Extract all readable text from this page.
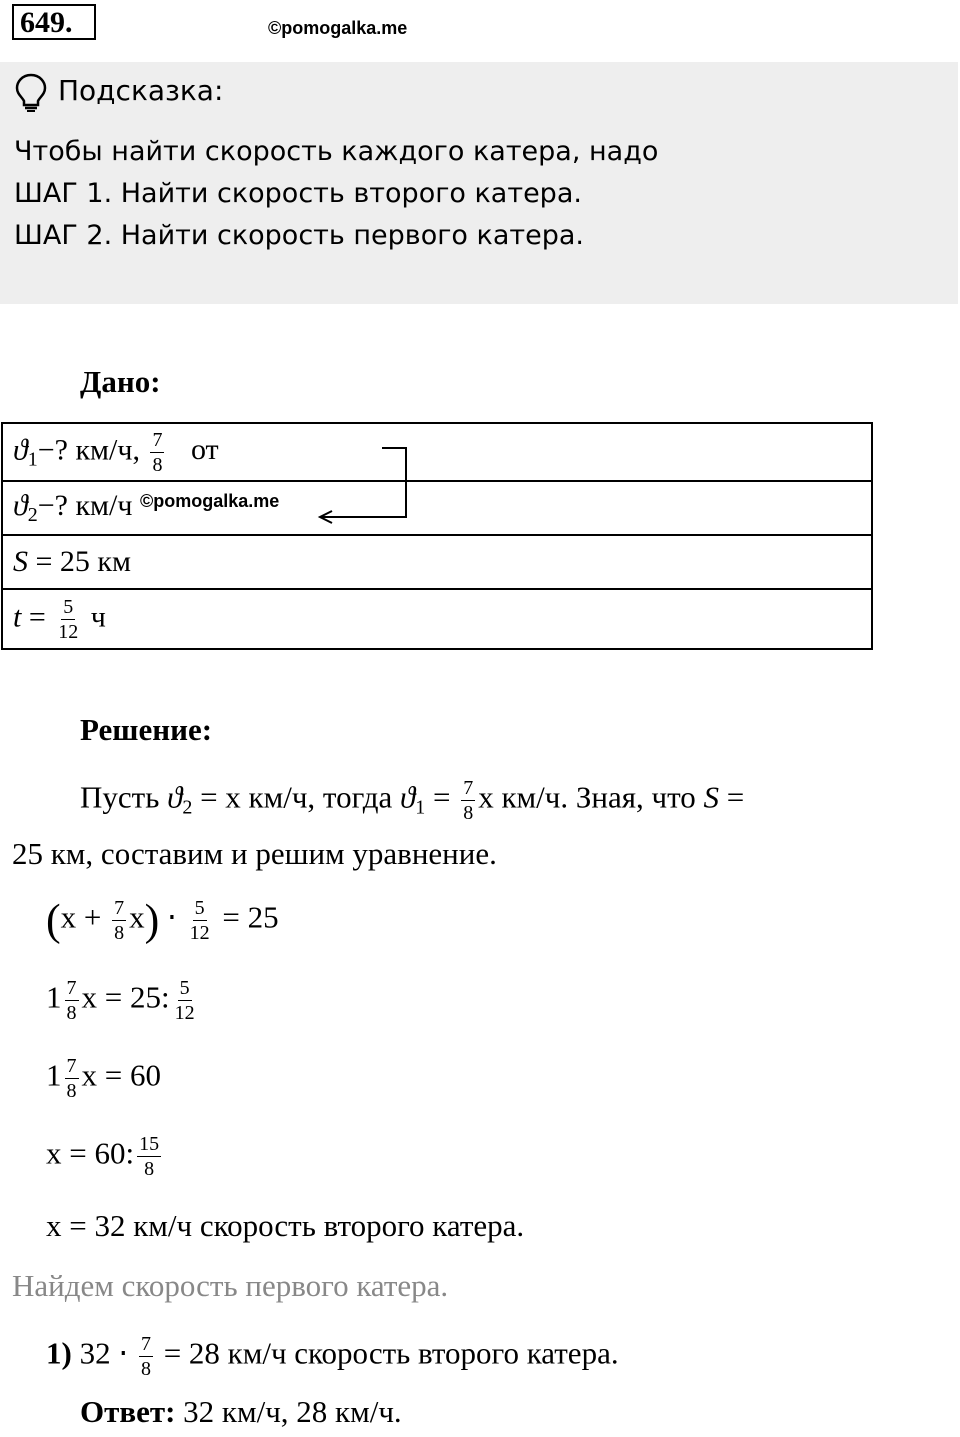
649.	©pomogalka.me
Подсказка:
Чтобы найти скорость каждого катера, надо
ШАГ 1. Найти скорость второго катера.
ШАГ 2. Найти скорость первого катера.
Дано:
$ϑ_1-$? км/ч, $\frac{7}{8}$ от
$ϑ_2-$? км/ч $^{©pomogalka.me}$
S = 25 км
$t = \frac{5}{12}$ ч
Решение:
Пусть $ϑ_2 = x$ км/ч, тогда $ϑ_1 = \frac{7}{8}$ x км/ч. Зная, что S =
25 км, составим и решим уравнение.
$(x + \frac{7}{8} x) \cdot \frac{5}{12} = 25$
$1 \frac{7}{8}$ x = 25: $\frac{5}{12}$
$1 \frac{7}{8}$ x = 60
x = 60: $\frac{15}{8}$
x = 32 км/ч скорость второго катера.
Найдем скорость первого катера.
1) $32 \cdot \frac{7}{8} = 28$ км/ч скорость второго катера.
Ответ: 32 км/ч, 28 км/ч.
